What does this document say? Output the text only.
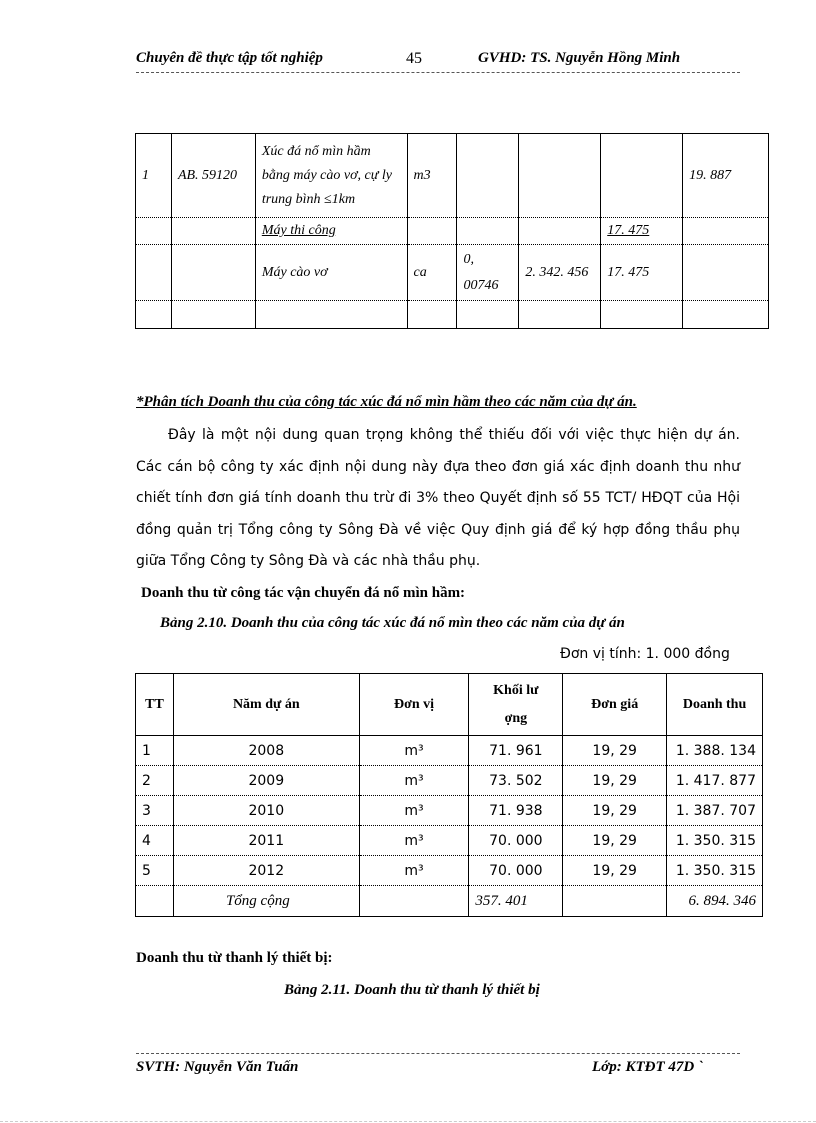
Chuyên đề thực tập tốt nghiệp	45	GVHD: TS. Nguyễn Hồng Minh
1	AB. 59120	Xúc đá nổ mìn hầm bằng máy cào vơ, cự ly trung bình ≤1km	m3				19. 887
		Máy thi công				17. 475	
		Máy cào vơ	ca	0, 00746	2. 342. 456	17. 475	

*Phân tích Doanh thu của công tác xúc đá nổ mìn hầm theo các năm của dự án.
Đây là một nội dung quan trọng không thể thiếu đối với việc thực hiện dự án. Các cán bộ công ty xác định nội dung này đựa theo đơn giá xác định doanh thu như chiết tính đơn giá tính doanh thu trừ đi 3% theo Quyết định số 55 TCT/ HĐQT của Hội đồng quản trị Tổng công ty Sông Đà về việc Quy định giá để ký hợp đồng thầu phụ giữa Tổng Công ty Sông Đà và các nhà thầu phụ.
Doanh thu từ công tác vận chuyển đá nổ mìn hầm:
Bảng 2.10. Doanh thu của công tác xúc đá nổ mìn theo các năm của dự án
Đơn vị tính: 1. 000 đồng
TT	Năm dự án	Đơn vị	Khối lư ợng	Đơn giá	Doanh thu
1	2008	m³	71. 961	19, 29	1. 388. 134
2	2009	m³	73. 502	19, 29	1. 417. 877
3	2010	m³	71. 938	19, 29	1. 387. 707
4	2011	m³	70. 000	19, 29	1. 350. 315
5	2012	m³	70. 000	19, 29	1. 350. 315
	Tổng cộng		357. 401		6. 894. 346
Doanh thu từ thanh lý thiết bị:
Bảng 2.11. Doanh thu từ thanh lý thiết bị
SVTH: Nguyễn Văn Tuấn	Lớp: KTĐT 47D `
